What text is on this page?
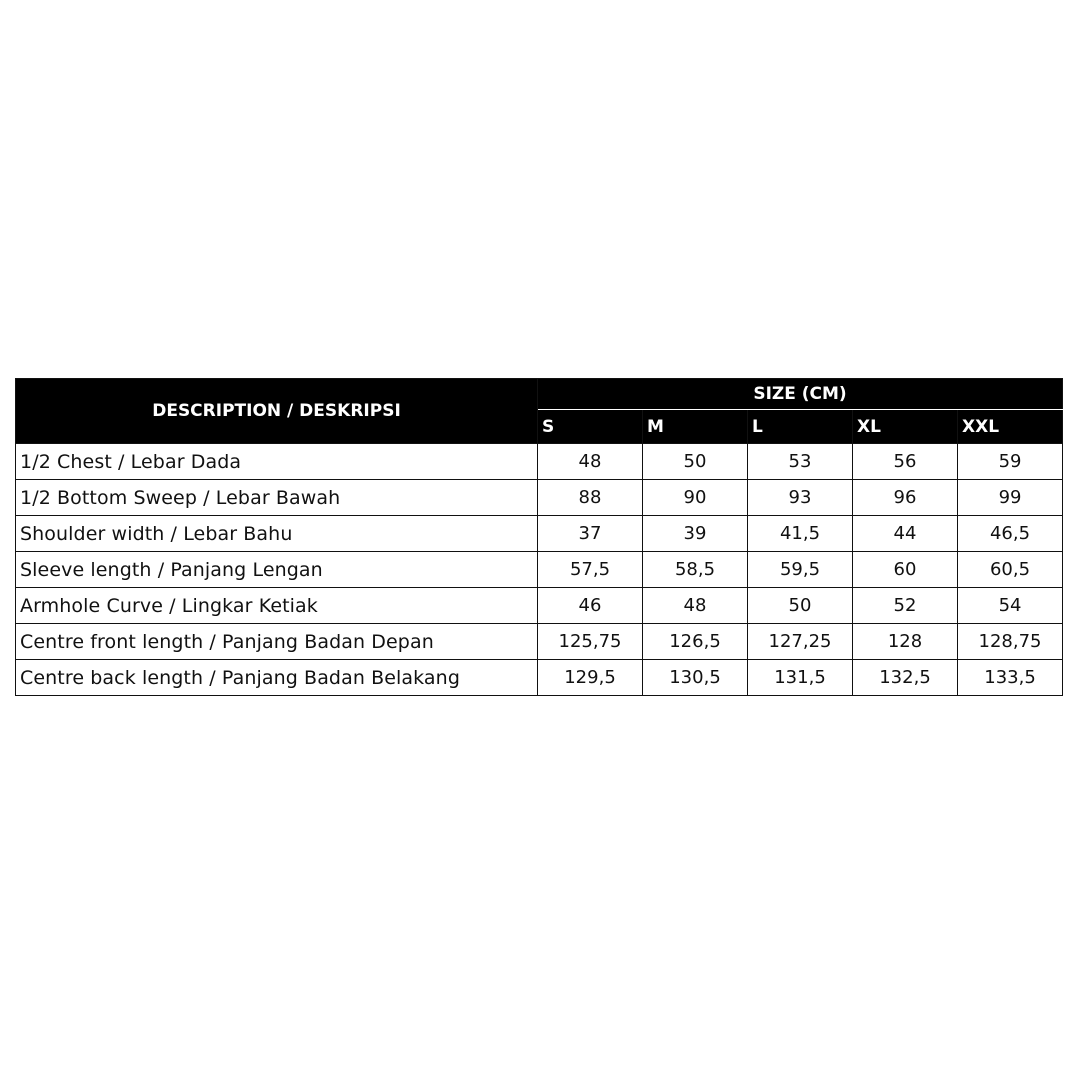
DESCRIPTION / DESKRIPSI	SIZE (CM)				
	S	M	L	XL	XXL
1/2 Chest / Lebar Dada	48	50	53	56	59
1/2 Bottom Sweep / Lebar Bawah	88	90	93	96	99
Shoulder width / Lebar Bahu	37	39	41,5	44	46,5
Sleeve length / Panjang Lengan	57,5	58,5	59,5	60	60,5
Armhole Curve / Lingkar Ketiak	46	48	50	52	54
Centre front length / Panjang Badan Depan	125,75	126,5	127,25	128	128,75
Centre back length / Panjang Badan Belakang	129,5	130,5	131,5	132,5	133,5
